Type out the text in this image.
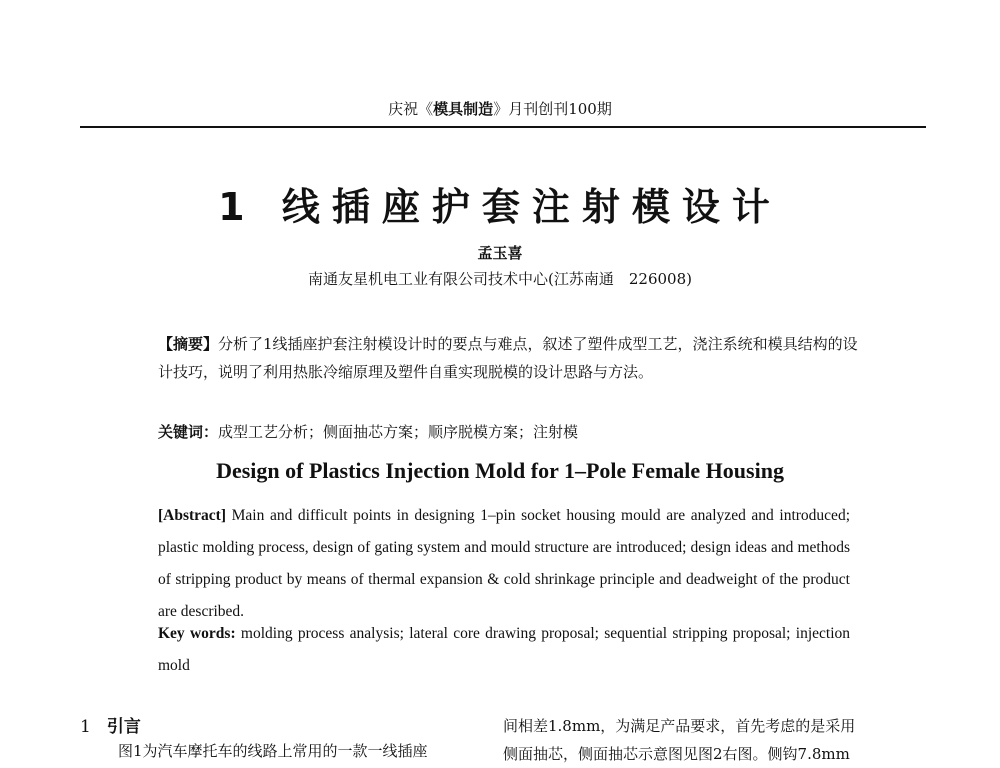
庆祝《模具制造》月刊创刊100期
1 线插座护套注射模设计
孟玉喜
南通友星机电工业有限公司技术中心(江苏南通　226008)
【摘要】分析了1线插座护套注射模设计时的要点与难点，叙述了塑件成型工艺，浇注系统和模具结构的设计技巧，说明了利用热胀冷缩原理及塑件自重实现脱模的设计思路与方法。
关键词：成型工艺分析；侧面抽芯方案；顺序脱模方案；注射模
Design of Plastics Injection Mold for 1–Pole Female Housing
[Abstract] Main and difficult points in designing 1–pin socket housing mould are analyzed and introduced; plastic molding process, design of gating system and mould structure are introduced; design ideas and methods of stripping product by means of thermal expansion & cold shrinkage principle and deadweight of the product are described.
Key words: molding process analysis; lateral core drawing proposal; sequential stripping proposal; injection mold
1 引言
图1为汽车摩托车的线路上常用的一款一线插座
间相差1.8mm，为满足产品要求，首先考虑的是采用
侧面抽芯，侧面抽芯示意图见图2右图。侧钩7.8mm
